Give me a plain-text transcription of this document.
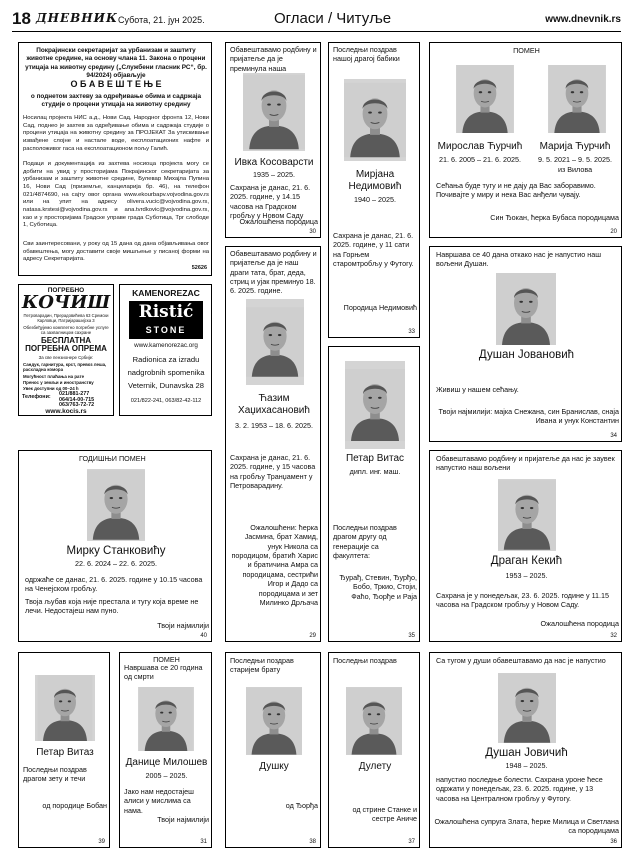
18 ДНЕВНИК Субота, 21. јун 2025.	Огласи / Читуље	www.dnevnik.rs
Покрајински секретаријат за урбанизам и заштиту животне средине, на основу члана 11. Закона о процени утицаја на животну средину („Службени гласник РС“, бр. 94/2024) објављује
О Б А В Е Ш Т Е Њ Е
о поднетом захтеву за одређивање обима и садржаја студије о процени утицаја на животну средину
Носилац пројекта НИС а.д., Нови Сад, Народног фронта 12, Нови Сад, поднео је захтев за одређивање обима и садржаја студије о процени утицаја на животну средину за ПРОЈЕКАТ За утискивање извађене слојне и настале воде, експлоатационих нафте и расположивог гаса на експлоатационом пољу Галић.
Подаци и документација из захтева носиоца пројекта могу се добити на увид у просторијама Покрајинског секретаријата за урбанизам и заштиту животне средине, Булевар Михајла Пупина 16, Нови Сад (приземље, канцеларија бр. 46), на телефон 021/4874690, на сајту овог органа www.ekourbapv.vojvodina.gov.rs или на упит на адресу olivera.vucic@vojvodina.gov.rs, natasa.krstesi@vojvodina.gov.rs и ana.tvrdkovic@vojvodina.gov.rs, као и у просторијама Градске управе града Суботица, Трг слободе 1, Суботица.
Сви заинтересовани, у року од 15 дана од дана објављивања овог обавештења, могу доставити своје мишљење у писаној форми на адресу Секретаријата.
52626
ПОГРЕБНО
КОЧИШ
Петроварадин, Прерадовићева 63 Сремски Карловци, Патријарашијска 3
Обезбеђујемо комплетно погребне услуге са захвалницом сахране
БЕСПЛАТНА ПОГРЕБНА ОПРЕМА
За све пензионере Србије:
Сандук, гарнитура, крст, превоз лешa, расхладна комора
Могућност плаћања на рате
Пренос у земљи и иностранству
Увек доступни од 00–24 h
Телефони: 021/881-277
064/14-00-715
063/763-72-72
www.kocis.rs
KAMENOREZAC
Ristić
STONE
www.kamenorezac.org
Radionica za izradu
nadgrobnih spomenika
Veternik, Dunavska 28
021/822-241, 063/82-42-112
Обавештавамо родбину и пријатеље да је преминула наша
Ивка Косоварсти
1935 – 2025.
Сахрана је данас, 21. 6. 2025. године, у 14.15 часова на Градском гробљу у Новом Саду
Ожалошћена породица
30
Последњи поздрав нашој драгој бабики
Мирјана Недимовић
1940 – 2025.
Сахрана је данас, 21. 6. 2025. године, у 11 сати на Горњем старомтробљу у Футогу.
Породица Недимовић
33
ПОМЕН
Мирослав Ћурчић	Марија Ћурчић
21. 6. 2005 – 21. 6. 2025.	9. 5. 2021 – 9. 5. 2025.
из Вилова
Сећања буде тугу и не дају да Вас заборавимо. Почивајте у миру и нека Вас анђели чувају.
Син Ђокан, ћерка Бубаса породицама
20
Обавештавамо родбину и пријатеље да је наш драги тата, брат, деда, стриц и ујак преминуо 18. 6. 2025. године.
Ћазим Хаџихасановић
3. 2. 1953 – 18. 6. 2025.
Сахрана је данас, 21. 6. 2025. године, у 15 часова на гробљу Транџамент у Петроварадину.
Ожалошћени: ћерка Јасмина, брат Хамид, унук Никола са породицом, братић Харис и братичина Амра са породицама, сестрићи Игор и Дадо са породицама и зет Милинко Дрљача
29
Петар Витас
дипл. инг. маш.
Последњи поздрав драгом другу од генерације са факултета:
Ђурађ, Стевин, Ђурђо, Бобо, Тркио, Стоји, Фаћо, Ђорђе и Раја
35
Навршава се 40 дана откако нас је напустио наш вољени Душан.
Душан Јовановић
Живиш у нашем сећању.
Твоји најмилији: мајка Снежана, син Бранислав, снаја Ивана и унук Константин
34
ГОДИШЊИ ПОМЕН
Мирку Станковићу
22. 6. 2024 – 22. 6. 2025.
одржаће се данас, 21. 6. 2025. године у 10.15 часова на Ченејском гробљу.
Твоја љубав која није престала и тугу која време не лечи. Недостајеш нам пуно.
Твоји најмилији
40
Обавештавамо родбину и пријатеље да нас је заувек напустио наш вољени
Драган Кекић
1953 – 2025.
Сахрана је у понедељак, 23. 6. 2025. године у 11.15 часова на Градском гробљу у Новом Саду.
Ожалошћена породица
32
Петар Витаз
Последњи поздрав драгом зету и течи
од породице Бобан
39
ПОМЕН
Навршава се 20 година од смрти
Данице Милошев
2005 – 2025.
Јако нам недостајеш алиси у мислима са нама.
Твоји најмилији
31
Последњи поздрав старијем брату
Душку
од Ђорђа
38
Последњи поздрав
Дулету
од стрине Станке и сестре Аниче
37
Са тугом у души обавештавамо да нас је напустио
Душан Јовичић
1948 – 2025.
напустио последње болести. Сахрана уроне ћесе одржати у понедељак, 23. 6. 2025. године, у 13 часова на Централном гробљу у Футогу.
Ожалошћена супруга Злата, ћерке Милица и Светлана са породицама
36
